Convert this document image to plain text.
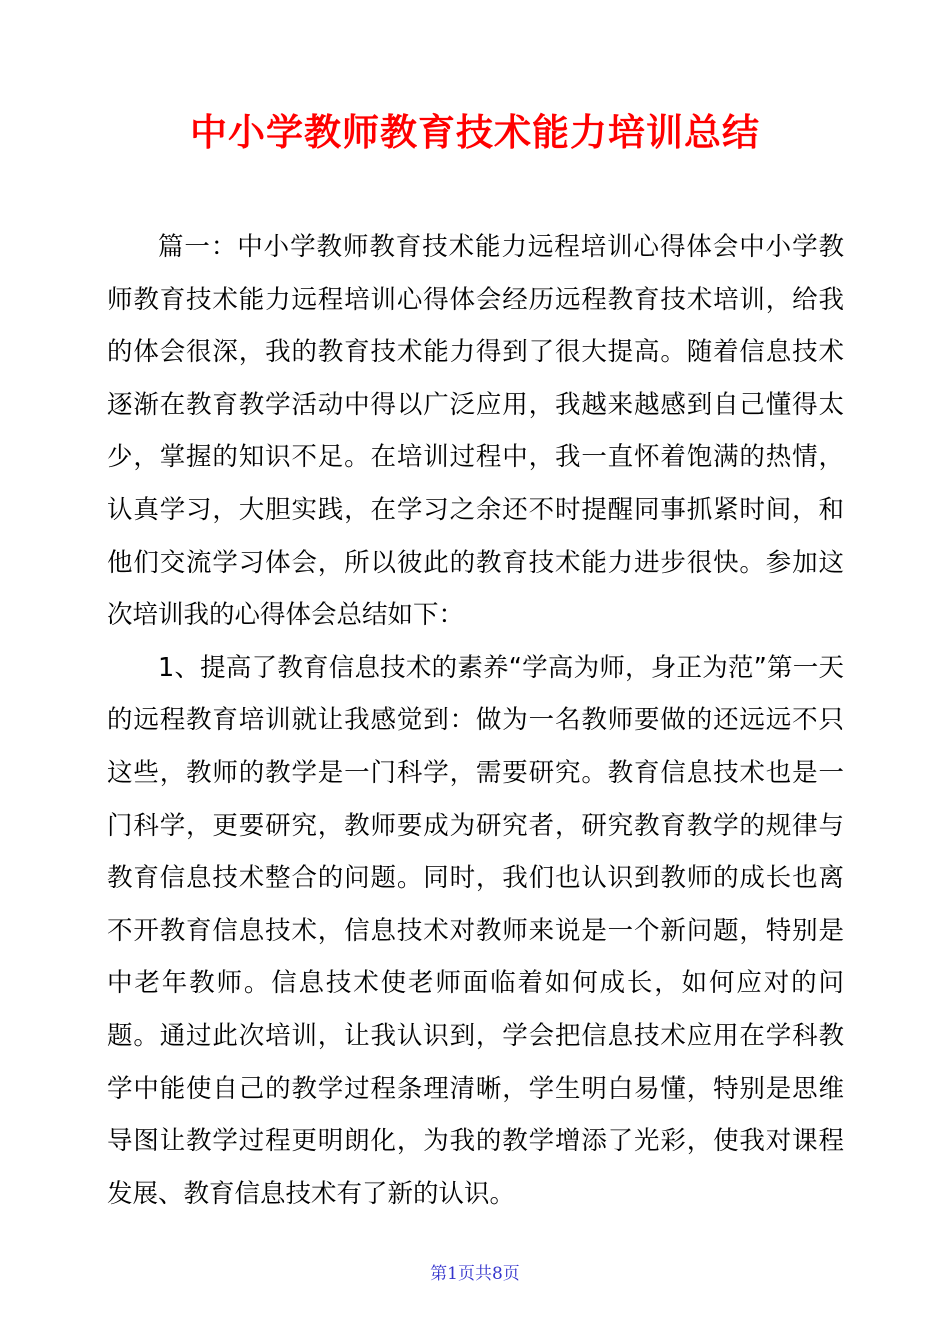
中小学教师教育技术能力培训总结

篇一：中小学教师教育技术能力远程培训心得体会中小学教师教育技术能力远程培训心得体会经历远程教育技术培训，给我的体会很深，我的教育技术能力得到了很大提高。随着信息技术逐渐在教育教学活动中得以广泛应用，我越来越感到自己懂得太少，掌握的知识不足。在培训过程中，我一直怀着饱满的热情，认真学习，大胆实践，在学习之余还不时提醒同事抓紧时间，和他们交流学习体会，所以彼此的教育技术能力进步很快。参加这次培训我的心得体会总结如下：

1、提高了教育信息技术的素养“学高为师，身正为范”第一天的远程教育培训就让我感觉到：做为一名教师要做的还远远不只这些，教师的教学是一门科学，需要研究。教育信息技术也是一门科学，更要研究，教师要成为研究者，研究教育教学的规律与教育信息技术整合的问题。同时，我们也认识到教师的成长也离不开教育信息技术，信息技术对教师来说是一个新问题，特别是中老年教师。信息技术使老师面临着如何成长，如何应对的问题。通过此次培训，让我认识到，学会把信息技术应用在学科教学中能使自己的教学过程条理清晰，学生明白易懂，特别是思维导图让教学过程更明朗化，为我的教学增添了光彩，使我对课程发展、教育信息技术有了新的认识。

第1页共8页
